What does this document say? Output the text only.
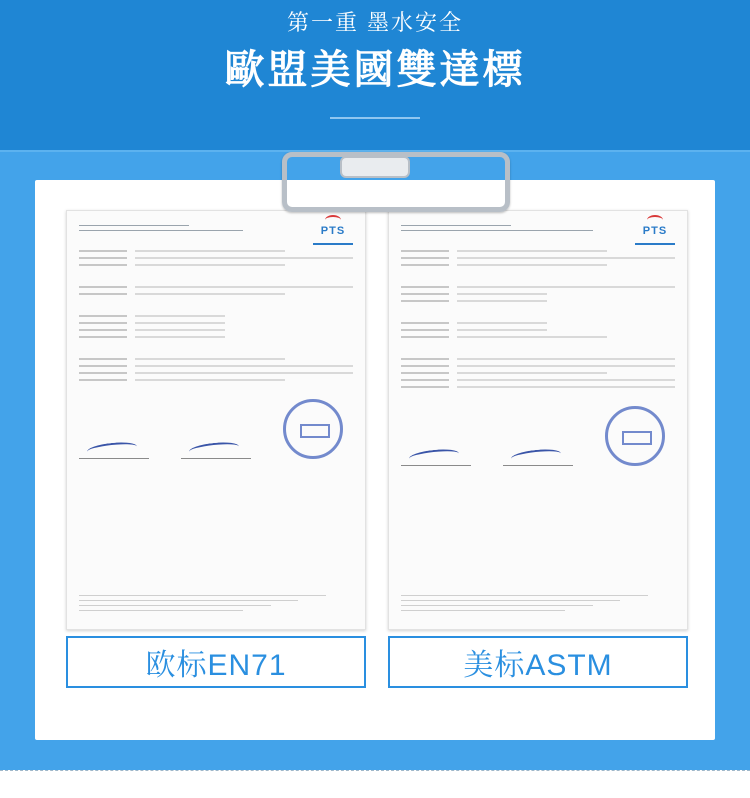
第一重 墨水安全
歐盟美國雙達標
PTS	PTS
欧标EN71	美标ASTM
